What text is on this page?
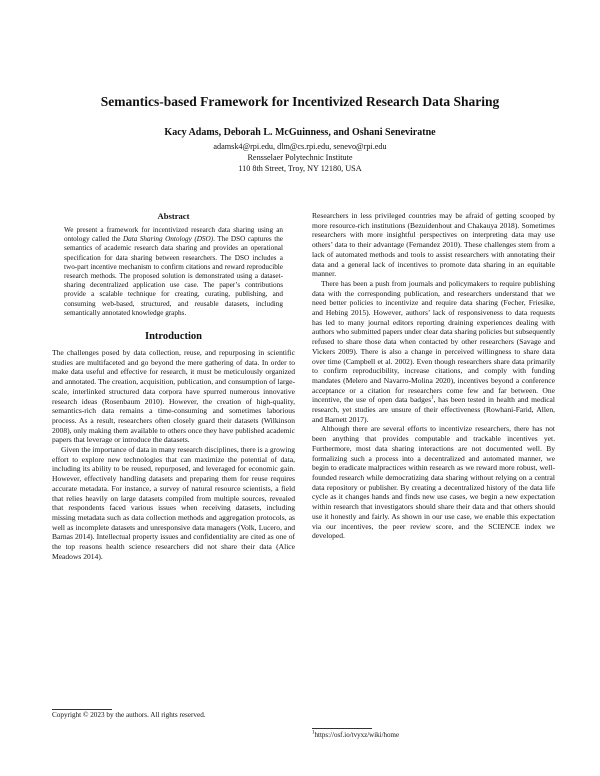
Semantics-based Framework for Incentivized Research Data Sharing
Kacy Adams, Deborah L. McGuinness, and Oshani Seneviratne
adamsk4@rpi.edu, dlm@cs.rpi.edu, senevo@rpi.edu
Rensselaer Polytechnic Institute
110 8th Street, Troy, NY 12180, USA
Abstract
We present a framework for incentivized research data sharing using an ontology called the Data Sharing Ontology (DSO). The DSO captures the semantics of academic research data sharing and provides an operational specification for data sharing between researchers. The DSO includes a two-part incentive mechanism to confirm citations and reward reproducible research methods. The proposed solution is demonstrated using a dataset-sharing decentralized application use case. The paper’s contributions provide a scalable technique for creating, curating, publishing, and consuming web-based, structured, and reusable datasets, including semantically annotated knowledge graphs.
Introduction

The challenges posed by data collection, reuse, and repurposing in scientific studies are multifaceted and go beyond the mere gathering of data. In order to make data useful and effective for research, it must be meticulously organized and annotated. The creation, acquisition, publication, and consumption of large-scale, interlinked structured data corpora have spurred numerous innovative research ideas (Rosenbaum 2010). However, the creation of high-quality, semantics-rich data remains a time-consuming and sometimes laborious process. As a result, researchers often closely guard their datasets (Wilkinson 2008), only making them available to others once they have published academic papers that leverage or introduce the datasets.

Given the importance of data in many research disciplines, there is a growing effort to explore new technologies that can maximize the potential of data, including its ability to be reused, repurposed, and leveraged for economic gain. However, effectively handling datasets and preparing them for reuse requires accurate metadata. For instance, a survey of natural resource scientists, a field that relies heavily on large datasets compiled from multiple sources, revealed that respondents faced various issues when receiving datasets, including missing metadata such as data collection methods and aggregation protocols, as well as incomplete datasets and unresponsive data managers (Volk, Lucero, and Barnas 2014). Intellectual property issues and confidentiality are cited as one of the top reasons health science researchers did not share their data (Alice Meadows 2014).

Researchers in less privileged countries may be afraid of getting scooped by more resource-rich institutions (Bezuidenhout and Chakauya 2018). Sometimes researchers with more insightful perspectives on interpreting data may use others’ data to their advantage (Fernandez 2010). These challenges stem from a lack of automated methods and tools to assist researchers with annotating their data and a general lack of incentives to promote data sharing in an equitable manner.

There has been a push from journals and policymakers to require publishing data with the corresponding publication, and researchers understand that we need better policies to incentivize and require data sharing (Fecher, Friesike, and Hebing 2015). However, authors’ lack of responsiveness to data requests has led to many journal editors reporting draining experiences dealing with authors who submitted papers under clear data sharing policies but subsequently refused to share those data when contacted by other researchers (Savage and Vickers 2009). There is also a change in perceived willingness to share data over time (Campbell et al. 2002). Even though researchers share data primarily to confirm reproducibility, increase citations, and comply with funding mandates (Melero and Navarro-Molina 2020), incentives beyond a conference acceptance or a citation for researchers come few and far between. One incentive, the use of open data badges$^1$, has been tested in health and medical research, yet studies are unsure of their effectiveness (Rowhani-Farid, Allen, and Barnett 2017).

Although there are several efforts to incentivize researchers, there has not been anything that provides computable and trackable incentives yet. Furthermore, most data sharing interactions are not documented well. By formalizing such a process into a decentralized and automated manner, we begin to eradicate malpractices within research as we reward more robust, well-founded research while democratizing data sharing without relying on a central data repository or publisher. By creating a decentralized history of the data life cycle as it changes hands and finds new use cases, we begin a new expectation within research that investigators should share their data and that others should use it honestly and fairly. As shown in our use case, we enable this expectation via our incentives, the peer review score, and the SCIENCE index we developed.

Copyright © 2023 by the authors. All rights reserved.
$^1$https://osf.io/tvyxz/wiki/home
